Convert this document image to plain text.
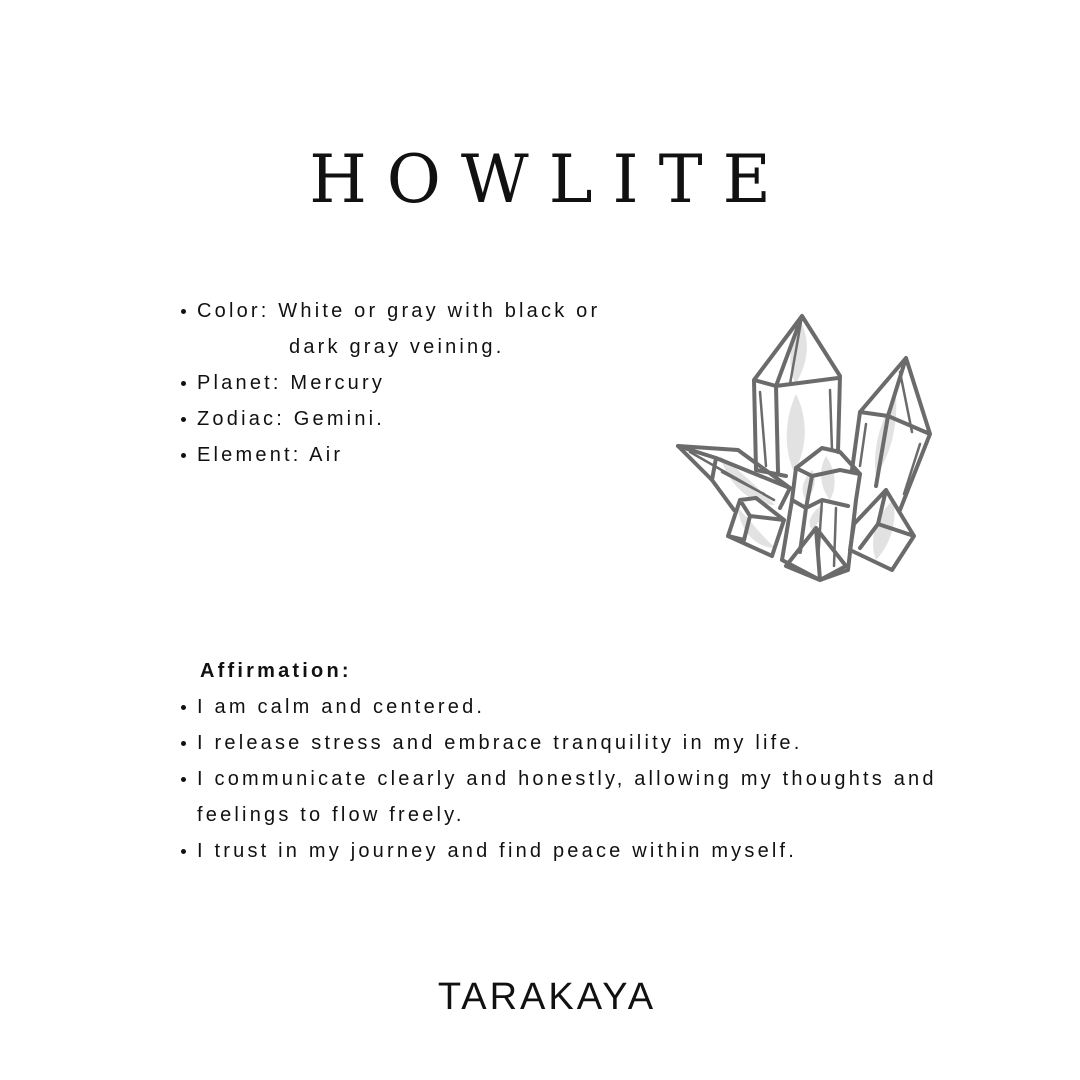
HOWLITE
Color: White or gray with black or
dark gray veining.
Planet: Mercury
Zodiac: Gemini.
Element: Air
Affirmation:
I am calm and centered.
I release stress and embrace tranquility in my life.
I communicate clearly and honestly, allowing my thoughts and feelings to flow freely.
I trust in my journey and find peace within myself.
TARAKAYA
